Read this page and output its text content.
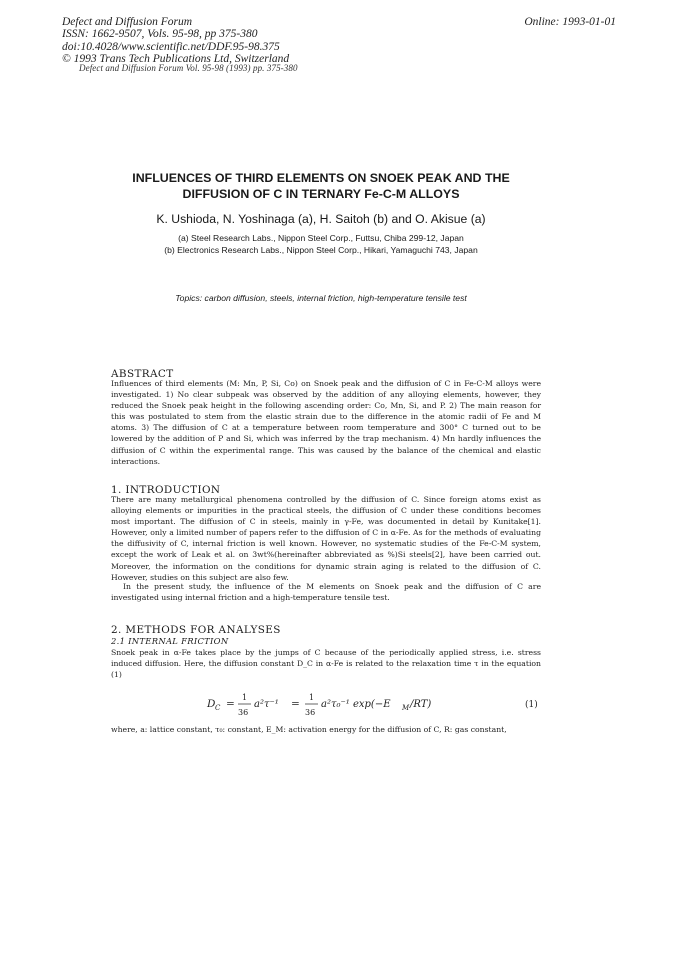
Defect and Diffusion Forum
ISSN: 1662-9507, Vols. 95-98, pp 375-380
doi:10.4028/www.scientific.net/DDF.95-98.375
© 1993 Trans Tech Publications Ltd, Switzerland
Online: 1993-01-01
Defect and Diffusion Forum Vol. 95-98 (1993) pp. 375-380
INFLUENCES OF THIRD ELEMENTS ON SNOEK PEAK AND THE
DIFFUSION OF C IN TERNARY Fe-C-M ALLOYS
K. Ushioda, N. Yoshinaga (a), H. Saitoh (b) and O. Akisue (a)
(a) Steel Research Labs., Nippon Steel Corp., Futtsu, Chiba 299-12, Japan
(b) Electronics Research Labs., Nippon Steel Corp., Hikari, Yamaguchi 743, Japan
Topics: carbon diffusion, steels, internal friction, high-temperature tensile test
ABSTRACT

Influences of third elements (M: Mn, P, Si, Co) on Snoek peak and the diffusion of C in Fe-C-M alloys were investigated. 1) No clear subpeak was observed by the addition of any alloying elements, however, they reduced the Snoek peak height in the following ascending order: Co, Mn, Si, and P. 2) The main reason for this was postulated to stem from the elastic strain due to the difference in the atomic radii of Fe and M atoms. 3) The diffusion of C at a temperature between room temperature and 300° C turned out to be lowered by the addition of P and Si, which was inferred by the trap mechanism. 4) Mn hardly influences the diffusion of C within the experimental range. This was caused by the balance of the chemical and elastic interactions.

1. INTRODUCTION

There are many metallurgical phenomena controlled by the diffusion of C. Since foreign atoms exist as alloying elements or impurities in the practical steels, the diffusion of C under these conditions becomes most important. The diffusion of C in steels, mainly in γ-Fe, was documented in detail by Kunitake[1]. However, only a limited number of papers refer to the diffusion of C in α-Fe. As for the methods of evaluating the diffusivity of C, internal friction is well known. However, no systematic studies of the Fe-C-M system, except the work of Leak et al. on 3wt%(hereinafter abbreviated as %)Si steels[2], have been carried out. Moreover, the information on the conditions for dynamic strain aging is related to the diffusion of C. However, studies on this subject are also few.

In the present study, the influence of the M elements on Snoek peak and the diffusion of C are investigated using internal friction and a high-temperature tensile test.

2. METHODS FOR ANALYSES
2.1 INTERNAL FRICTION

Snoek peak in α-Fe takes place by the jumps of C because of the periodically applied stress, i.e. stress induced diffusion. Here, the diffusion constant D_C in α-Fe is related to the relaxation time τ in the equation (1)

D C =
1
36
a²τ⁻¹ =
1
36
a²τ₀⁻¹ exp(−E M /RT)	(1)

where, a: lattice constant, τ₀: constant, E_M: activation energy for the diffusion of C, R: gas constant,
